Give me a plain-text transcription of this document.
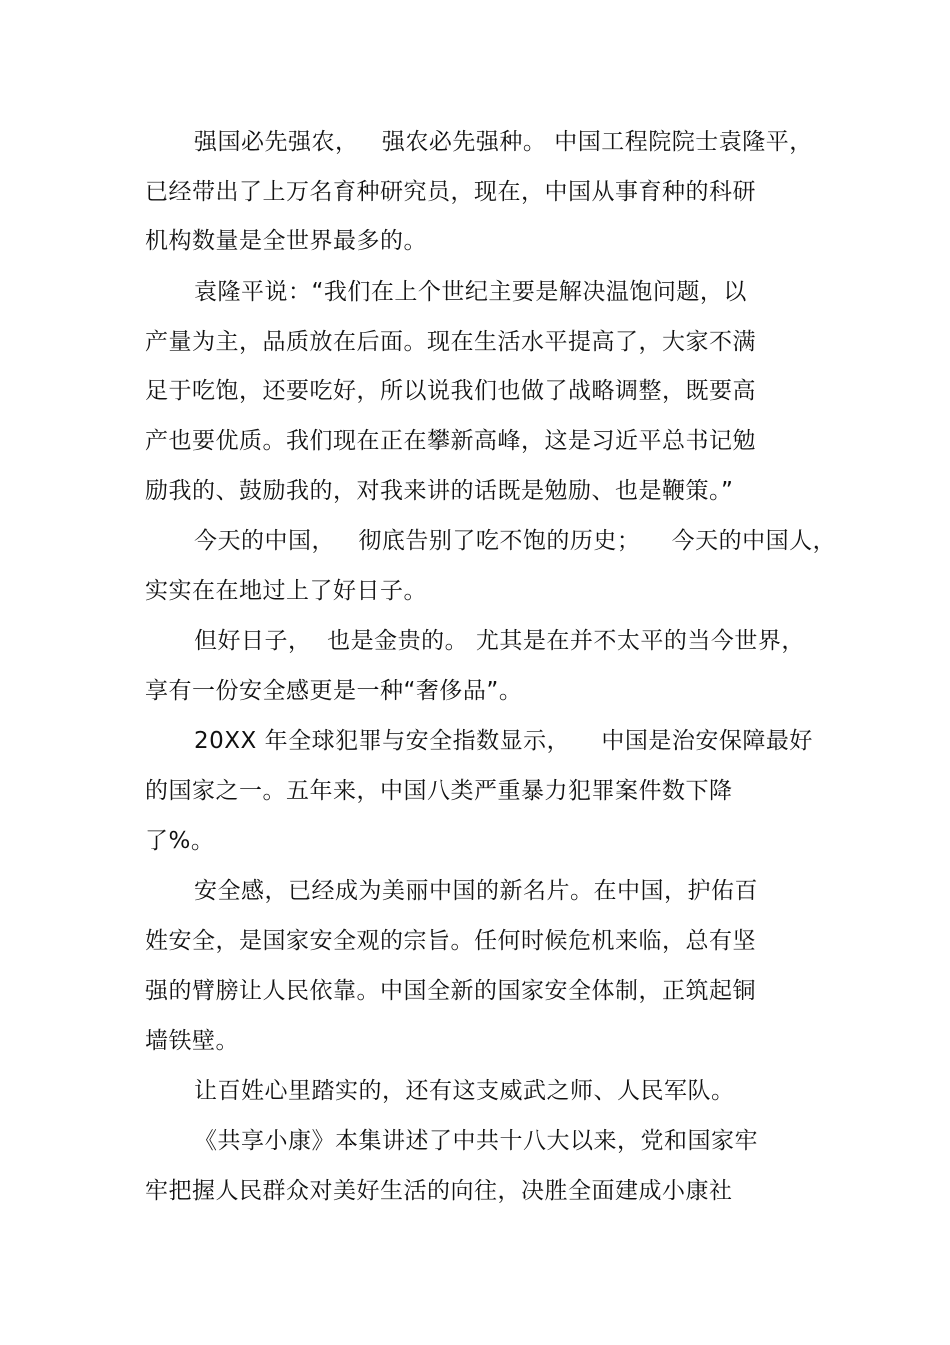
强国必先强农，   强农必先强种。 中国工程院院士袁隆平，
已经带出了上万名育种研究员，现在，中国从事育种的科研
机构数量是全世界最多的。
袁隆平说：“我们在上个世纪主要是解决温饱问题，以
产量为主，品质放在后面。现在生活水平提高了，大家不满
足于吃饱，还要吃好，所以说我们也做了战略调整，既要高
产也要优质。我们现在正在攀新高峰，这是习近平总书记勉
励我的、鼓励我的，对我来讲的话既是勉励、也是鞭策。”
今天的中国，   彻底告别了吃不饱的历史；    今天的中国人，
实实在在地过上了好日子。
但好日子，  也是金贵的。 尤其是在并不太平的当今世界，
享有一份安全感更是一种“奢侈品”。
20XX 年全球犯罪与安全指数显示，    中国是治安保障最好
的国家之一。五年来，中国八类严重暴力犯罪案件数下降
了%。
安全感，已经成为美丽中国的新名片。在中国，护佑百
姓安全，是国家安全观的宗旨。任何时候危机来临，总有坚
强的臂膀让人民依靠。中国全新的国家安全体制，正筑起铜
墙铁壁。
让百姓心里踏实的，还有这支威武之师、人民军队。
《共享小康》本集讲述了中共十八大以来，党和国家牢
牢把握人民群众对美好生活的向往，决胜全面建成小康社
